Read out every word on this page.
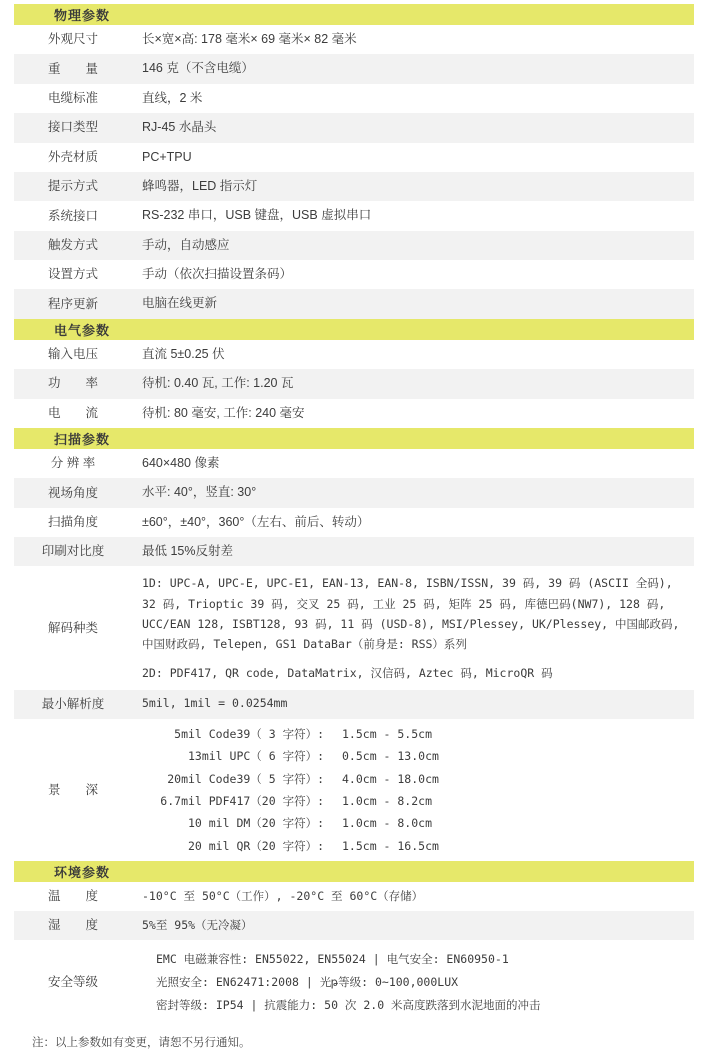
物理参数	
外观尺寸	长×宽×高: 178 毫米× 69 毫米× 82 毫米
重　　量	146 克（不含电缆）
电缆标准	直线，2 米
接口类型	RJ-45 水晶头
外壳材质	PC+TPU
提示方式	蜂鸣器，LED 指示灯
系统接口	RS-232 串口，USB 键盘，USB 虚拟串口
触发方式	手动，自动感应
设置方式	手动（依次扫描设置条码）
程序更新	电脑在线更新
电气参数	
输入电压	直流 5±0.25 伏
功　　率	待机: 0.40 瓦, 工作: 1.20 瓦
电　　流	待机: 80 毫安, 工作: 240 毫安
扫描参数	
分 辨 率	640×480 像素
视场角度	水平: 40°，竖直: 30°
扫描角度	±60°，±40°，360°（左右、前后、转动）
印刷对比度	最低 15%反射差
解码种类	1D: UPC-A, UPC-E, UPC-E1, EAN-13, EAN-8, ISBN/ISSN, 39 码, 39 码 (ASCII 全码), 32 码, Trioptic 39 码, 交叉 25 码, 工业 25 码, 矩阵 25 码, 库德巴码(NW7), 128 码, UCC/EAN 128, ISBT128, 93 码, 11 码 (USD-8), MSI/Plessey, UK/Plessey, 中国邮政码, 中国财政码, Telepen, GS1 DataBar（前身是: RSS）系列
2D: PDF417, QR code, DataMatrix, 汉信码, Aztec 码, MicroQR 码

最小解析度	5mil, 1mil = 0.0254mm
景　　深	
5mil Code39（ 3 字符）:	1.5cm - 5.5cm
13mil UPC（ 6 字符）:	0.5cm - 13.0cm
20mil Code39（ 5 字符）:	4.0cm - 18.0cm
6.7mil PDF417（20 字符）:	1.0cm - 8.2cm
10 mil DM（20 字符）:	1.0cm - 8.0cm
20 mil QR（20 字符）:	1.5cm - 16.5cm

环境参数	
温　　度	-10°C 至 50°C（工作）, -20°C 至 60°C（存储）
湿　　度	5%至 95%（无冷凝）
安全等级	EMC 电磁兼容性: EN55022, EN55024 | 电气安全: EN60950-1
光照安全: EN62471:2008 | 光թ等级: 0~100,000LUX
密封等级: IP54 | 抗震能力: 50 次 2.0 米高度跌落到水泥地面的冲击
注：以上参数如有变更，请恕不另行通知。
